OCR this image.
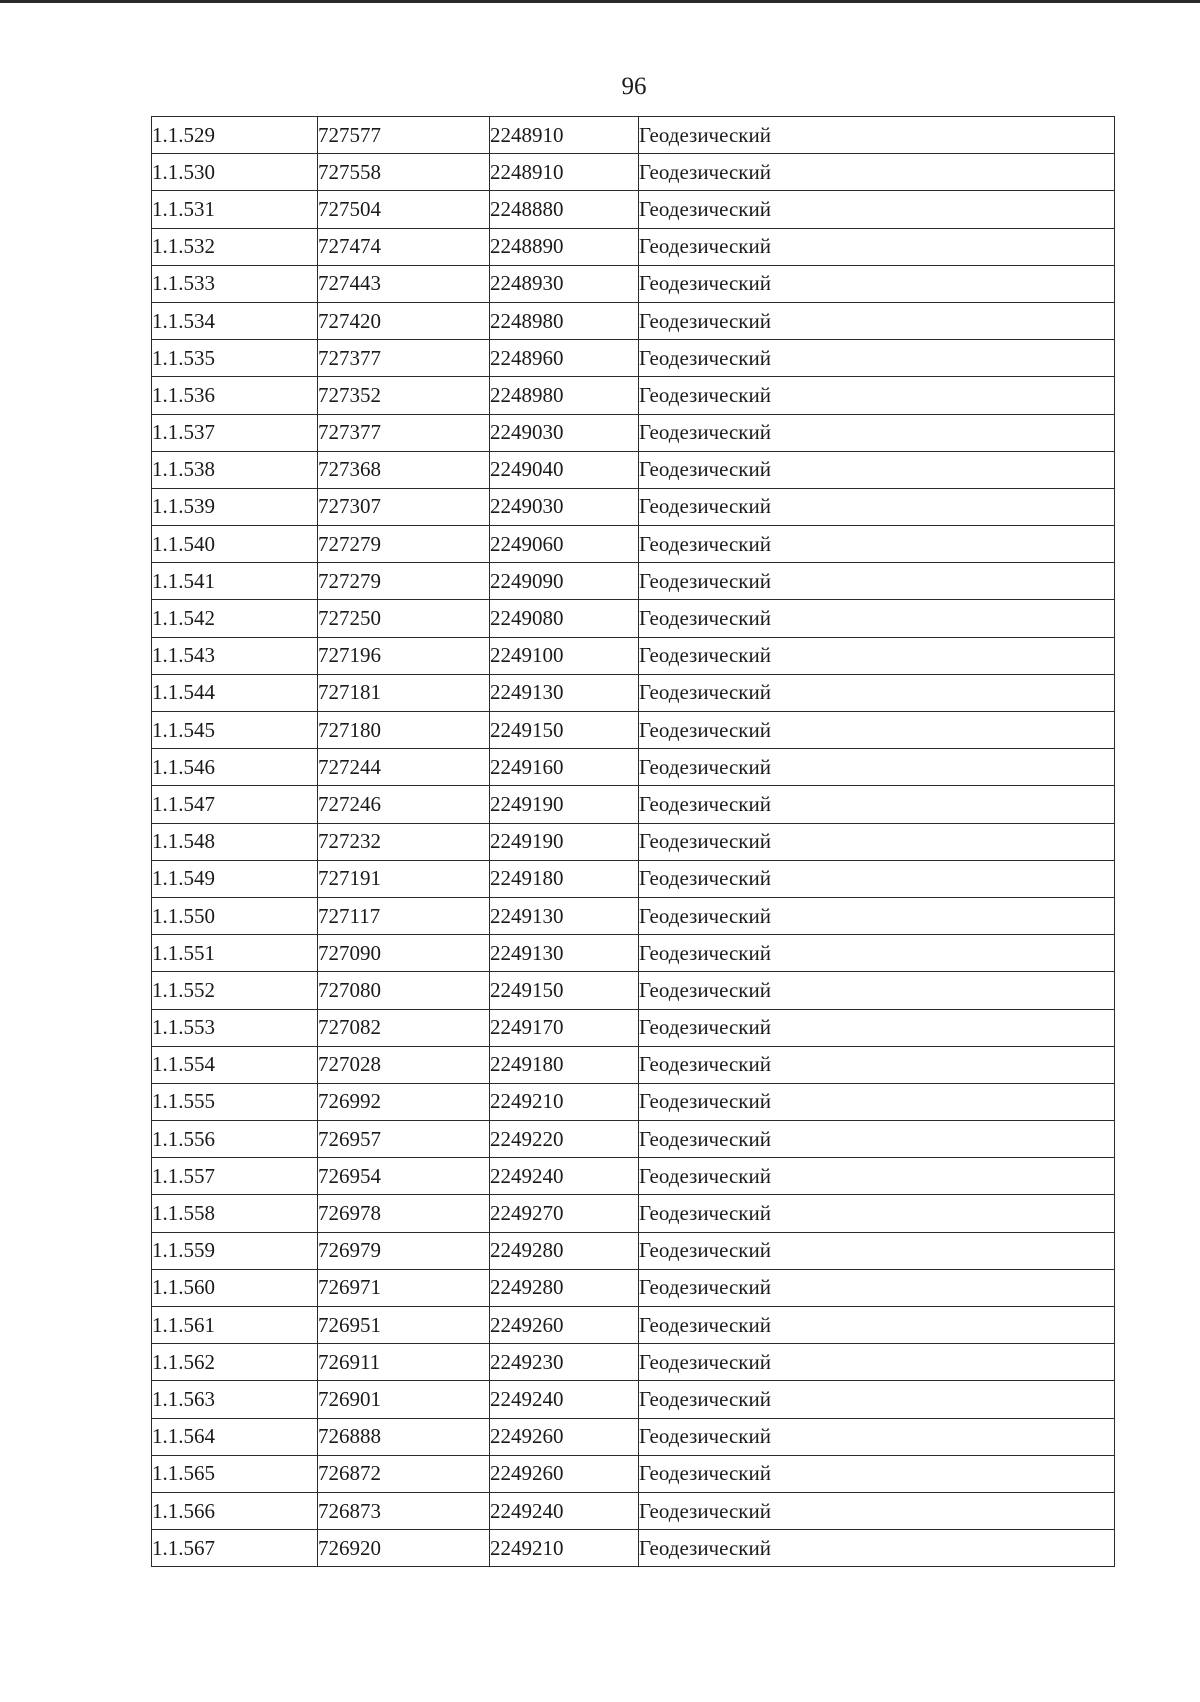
96
1.1.529	727577	2248910	Геодезический
1.1.530	727558	2248910	Геодезический
1.1.531	727504	2248880	Геодезический
1.1.532	727474	2248890	Геодезический
1.1.533	727443	2248930	Геодезический
1.1.534	727420	2248980	Геодезический
1.1.535	727377	2248960	Геодезический
1.1.536	727352	2248980	Геодезический
1.1.537	727377	2249030	Геодезический
1.1.538	727368	2249040	Геодезический
1.1.539	727307	2249030	Геодезический
1.1.540	727279	2249060	Геодезический
1.1.541	727279	2249090	Геодезический
1.1.542	727250	2249080	Геодезический
1.1.543	727196	2249100	Геодезический
1.1.544	727181	2249130	Геодезический
1.1.545	727180	2249150	Геодезический
1.1.546	727244	2249160	Геодезический
1.1.547	727246	2249190	Геодезический
1.1.548	727232	2249190	Геодезический
1.1.549	727191	2249180	Геодезический
1.1.550	727117	2249130	Геодезический
1.1.551	727090	2249130	Геодезический
1.1.552	727080	2249150	Геодезический
1.1.553	727082	2249170	Геодезический
1.1.554	727028	2249180	Геодезический
1.1.555	726992	2249210	Геодезический
1.1.556	726957	2249220	Геодезический
1.1.557	726954	2249240	Геодезический
1.1.558	726978	2249270	Геодезический
1.1.559	726979	2249280	Геодезический
1.1.560	726971	2249280	Геодезический
1.1.561	726951	2249260	Геодезический
1.1.562	726911	2249230	Геодезический
1.1.563	726901	2249240	Геодезический
1.1.564	726888	2249260	Геодезический
1.1.565	726872	2249260	Геодезический
1.1.566	726873	2249240	Геодезический
1.1.567	726920	2249210	Геодезический
